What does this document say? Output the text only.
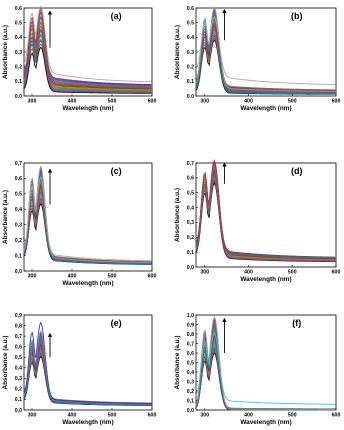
0.0
0.1
0.2
0.3
0.4
0.5
0.6
300	400	500	600
Wavelength (nm)
Absorbance (a.u.)
(a)
0.0
0.1
0.2
0.3
0.4
0.5
0.6
300	400	500	600
Wavelength (nm)
Absorbance (a.u.)
(b)
0,0
0,1
0,2
0,3
0,4
0,5
0,6
0,7
300	400	500	600
Wavelength (nm)
Absorbance (a.u.)
(c)
0,0
0,1
0,2
0,3
0,4
0,5
0,6
0,7
300	400	500	600
Wavelength (nm)
Absorbance (a.u.)
(d)
0,0
0,1
0,2
0,3
0,4
0,5
0,6
0,7
0,8
0,9
300	400	500	600
Wavelength (nm)
Absorbance (a.u.)
(e)
0,0
0,1
0,2
0,3
0,4
0,5
0,6
0,7
0,8
0,9
1,0
300	400	500	600
Wavelength (nm)
Absorbance (a.u.)
(f)
